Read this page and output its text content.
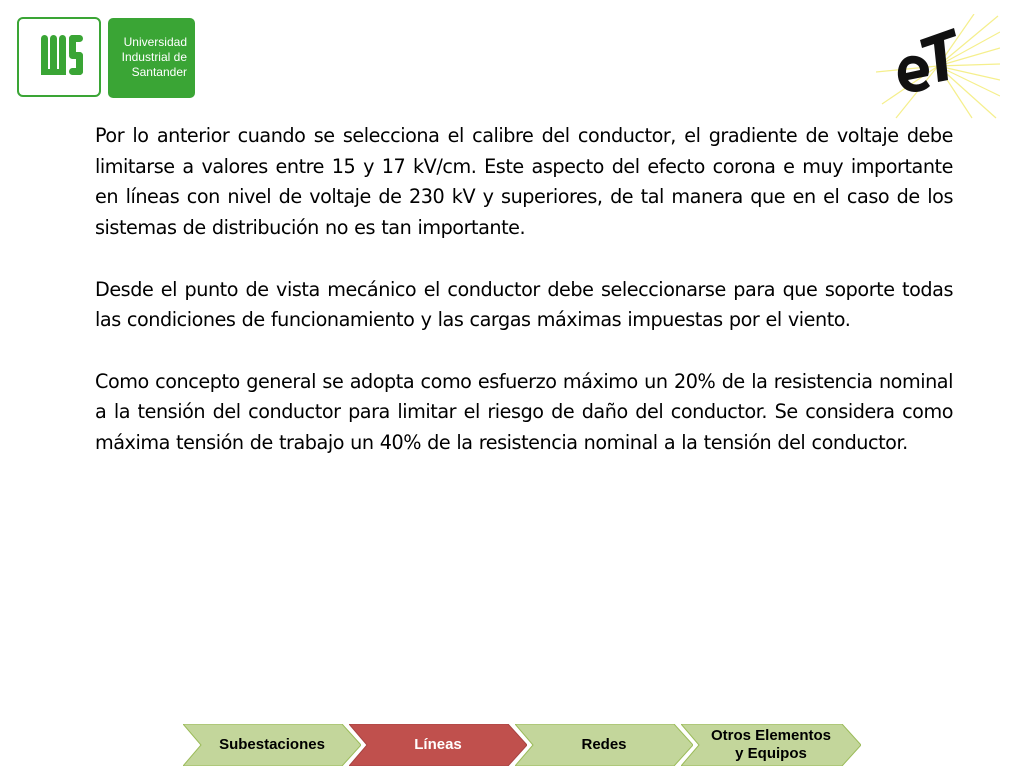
Universidad
Industrial de
Santander

Por lo anterior cuando se selecciona el calibre del conductor, el gradiente de voltaje debe limitarse a valores entre 15 y 17 kV/cm. Este aspecto del efecto corona e muy importante en líneas con nivel de voltaje de 230 kV y superiores, de tal manera que en el caso de los sistemas de distribución no es tan importante.

Desde el punto de vista mecánico el conductor debe seleccionarse para que soporte todas las condiciones de funcionamiento y las cargas máximas impuestas por el viento.

Como concepto general se adopta como esfuerzo máximo un 20% de la resistencia nominal a la tensión del conductor para limitar el riesgo de daño del conductor. Se considera como máxima tensión de trabajo un 40% de la resistencia nominal a la tensión del conductor.

Subestaciones	Líneas	Redes
Otros Elementos
y Equipos
